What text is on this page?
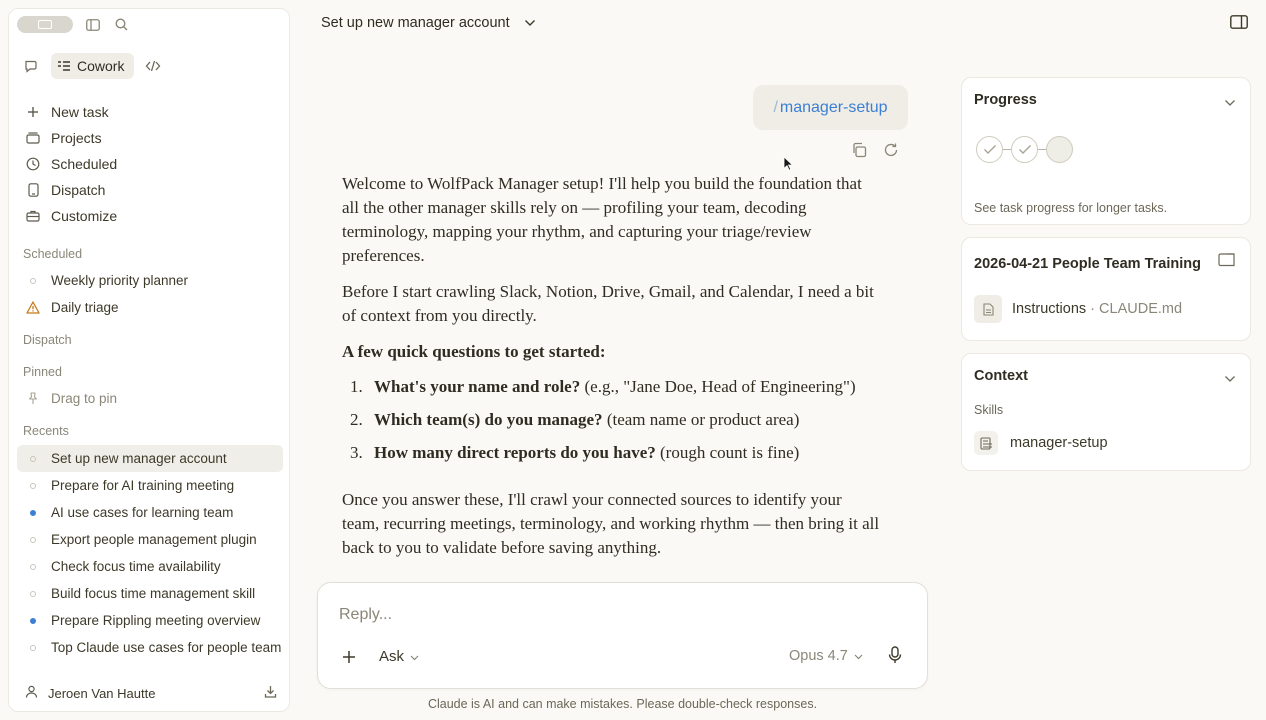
Cowork
New task
Projects
Scheduled
Dispatch
Customize
Scheduled
Weekly priority planner
Daily triage
Dispatch
Pinned
Drag to pin
Recents
Set up new manager account
Prepare for AI training meeting
AI use cases for learning team
Export people management plugin
Check focus time availability
Build focus time management skill
Prepare Rippling meeting overview
Top Claude use cases for people team
Jeroen Van Hautte
Set up new manager account
/ manager-setup

Welcome to WolfPack Manager setup! I'll help you build the foundation that all the other manager skills rely on — profiling your team, decoding terminology, mapping your rhythm, and capturing your triage/review preferences.

Before I start crawling Slack, Notion, Drive, Gmail, and Calendar, I need a bit of context from you directly.

A few quick questions to get started:

1. What's your name and role? (e.g., "Jane Doe, Head of Engineering")
2. Which team(s) do you manage? (team name or product area)
3. How many direct reports do you have? (rough count is fine)

Once you answer these, I'll crawl your connected sources to identify your team, recurring meetings, terminology, and working rhythm — then bring it all back to you to validate before saving anything.

Reply...
Ask	Opus 4.7
Claude is AI and can make mistakes. Please double-check responses.
Progress
See task progress for longer tasks.
2026-04-21 People Team Training
Instructions · CLAUDE.md
Context
Skills
manager-setup
